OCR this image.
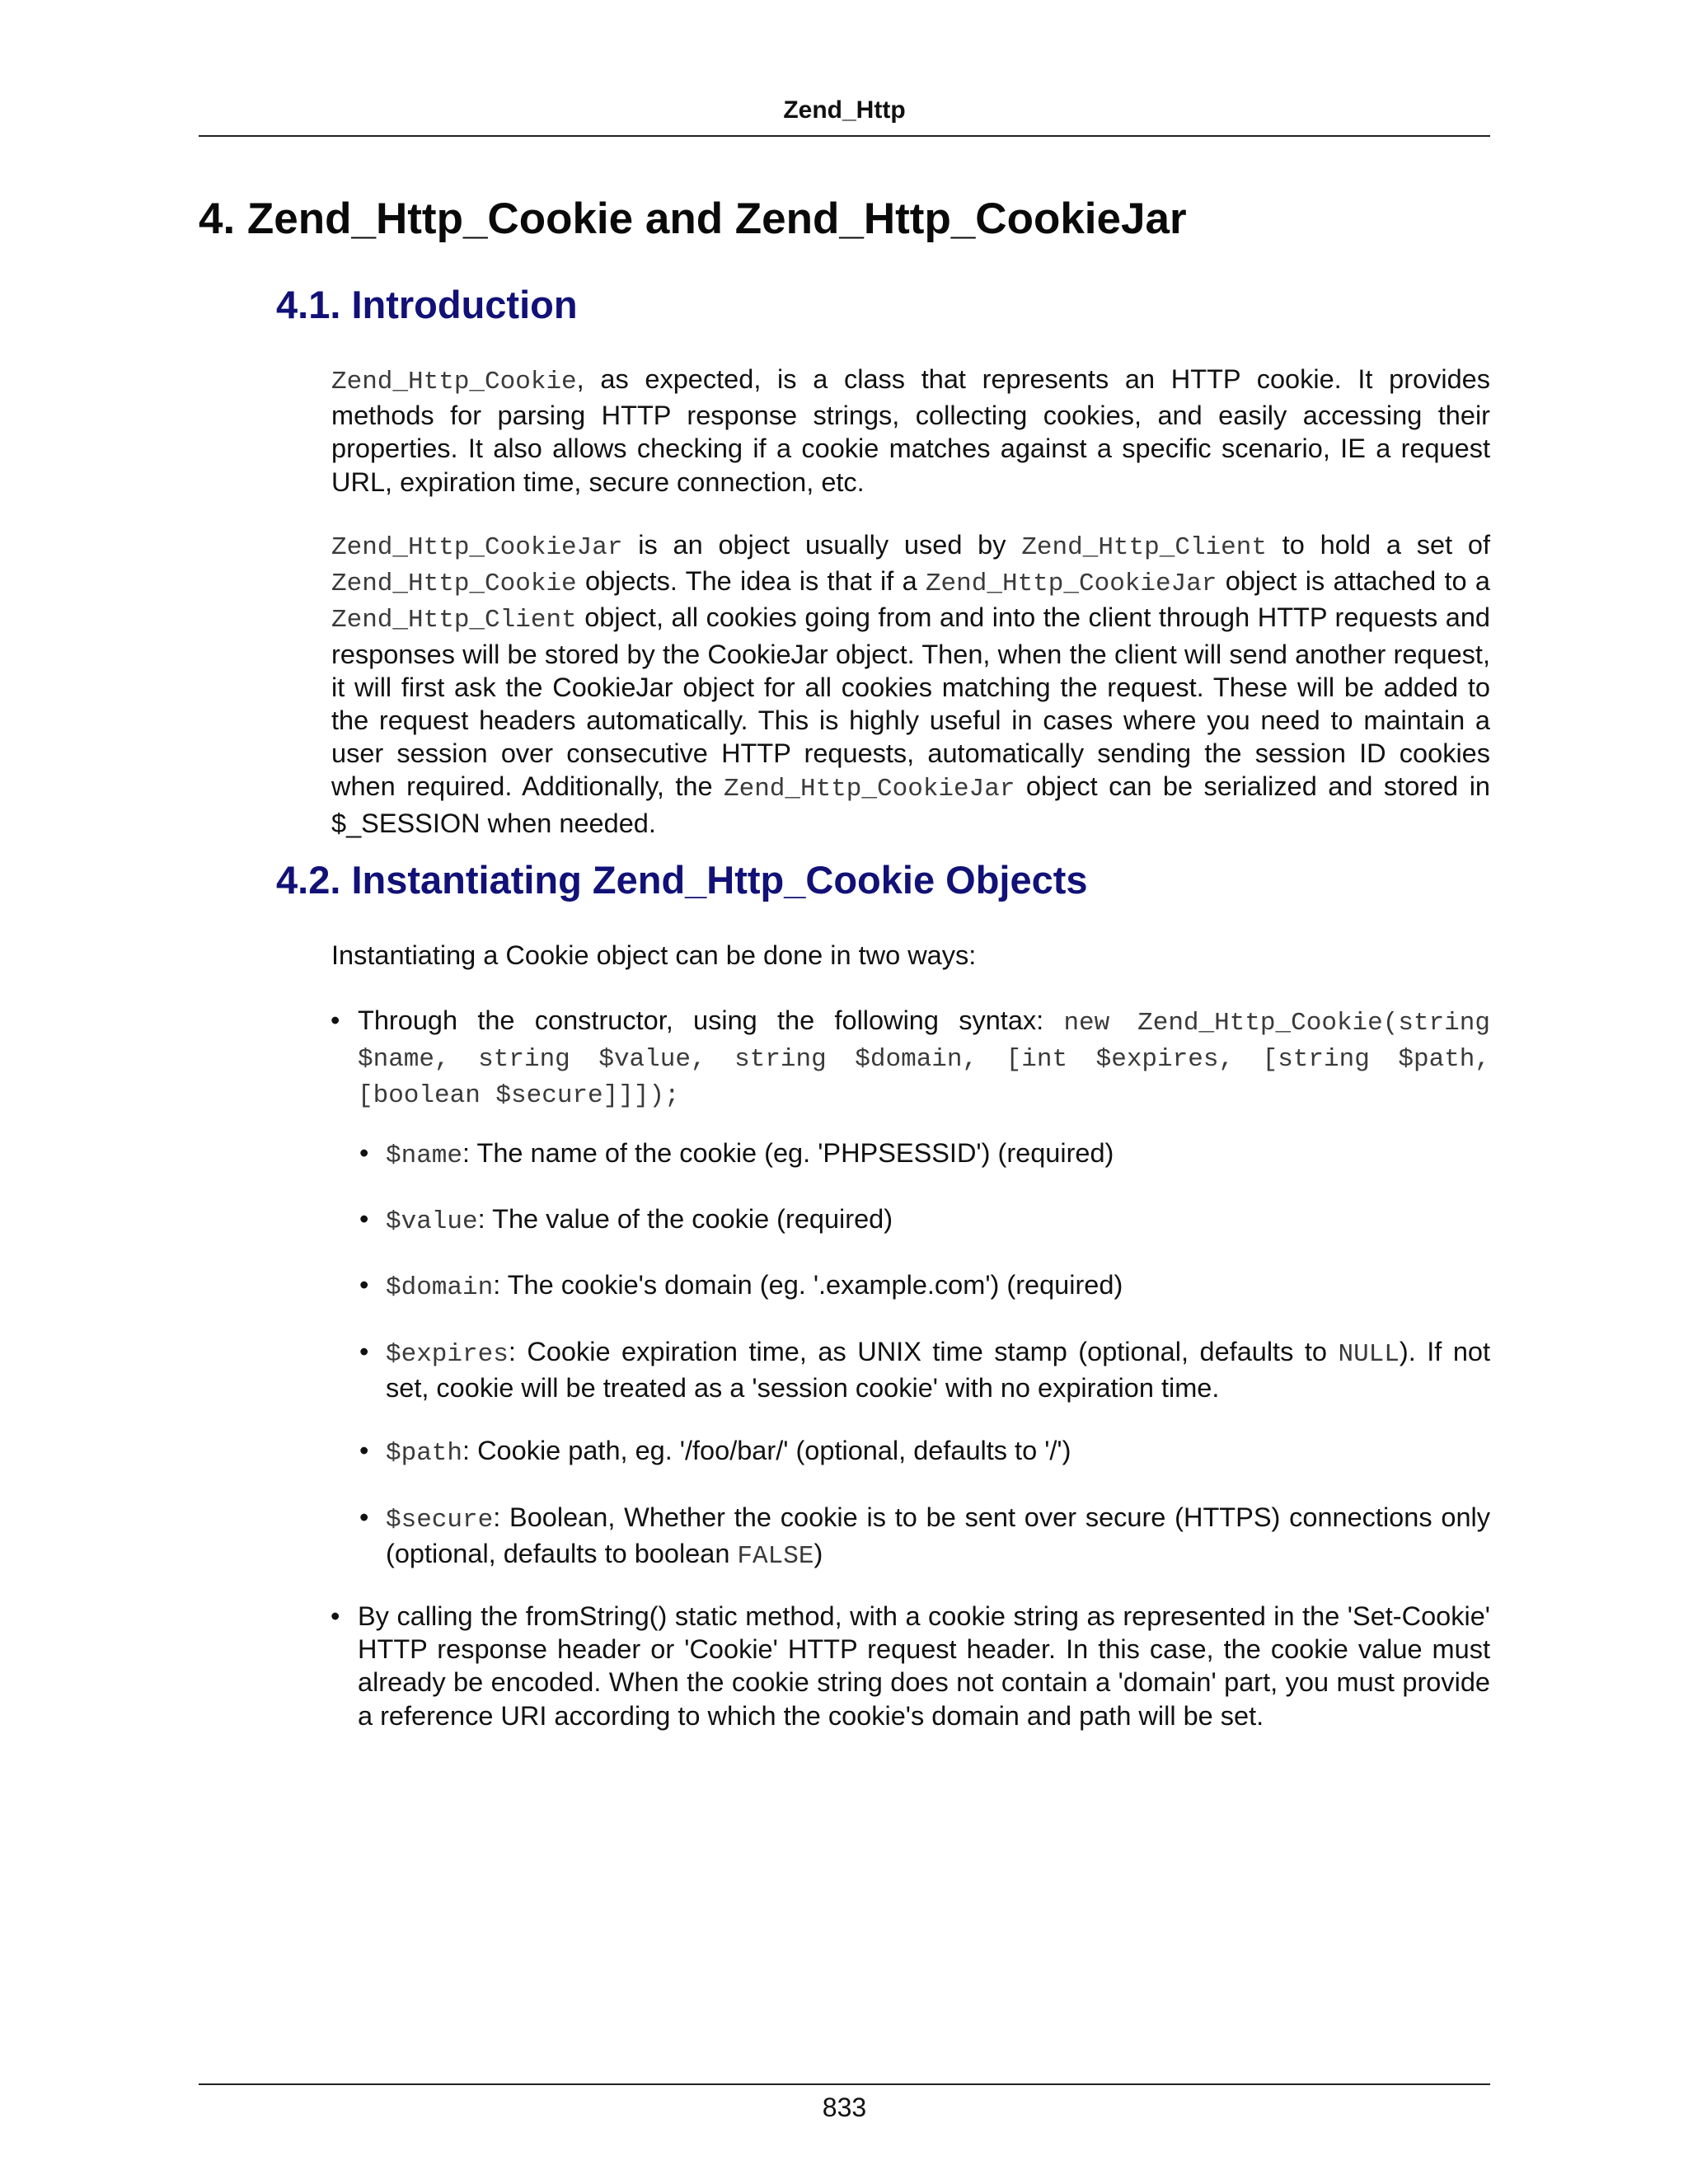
Zend_Http
4. Zend_Http_Cookie and Zend_Http_CookieJar
4.1. Introduction

Zend_Http_Cookie, as expected, is a class that represents an HTTP cookie. It provides methods for parsing HTTP response strings, collecting cookies, and easily accessing their properties. It also allows checking if a cookie matches against a specific scenario, IE a request URL, expiration time, secure connection, etc.

Zend_Http_CookieJar is an object usually used by Zend_Http_Client to hold a set of Zend_Http_Cookie objects. The idea is that if a Zend_Http_CookieJar object is attached to a Zend_Http_Client object, all cookies going from and into the client through HTTP requests and responses will be stored by the CookieJar object. Then, when the client will send another request, it will first ask the CookieJar object for all cookies matching the request. These will be added to the request headers automatically. This is highly useful in cases where you need to maintain a user session over consecutive HTTP requests, automatically sending the session ID cookies when required. Additionally, the Zend_Http_CookieJar object can be serialized and stored in $_SESSION when needed.

4.2. Instantiating Zend_Http_Cookie Objects

Instantiating a Cookie object can be done in two ways:

• Through the constructor, using the following syntax: new Zend_Http_Cookie(string $name, string $value, string $domain, [int $expires, [string $path, [boolean $secure]]]);
• $name: The name of the cookie (eg. 'PHPSESSID') (required)
• $value: The value of the cookie (required)
• $domain: The cookie's domain (eg. '.example.com') (required)
• $expires: Cookie expiration time, as UNIX time stamp (optional, defaults to NULL). If not set, cookie will be treated as a 'session cookie' with no expiration time.
• $path: Cookie path, eg. '/foo/bar/' (optional, defaults to '/')
• $secure: Boolean, Whether the cookie is to be sent over secure (HTTPS) connections only (optional, defaults to boolean FALSE)
• By calling the fromString() static method, with a cookie string as represented in the 'Set-Cookie' HTTP response header or 'Cookie' HTTP request header. In this case, the cookie value must already be encoded. When the cookie string does not contain a 'domain' part, you must provide a reference URI according to which the cookie's domain and path will be set.
833
